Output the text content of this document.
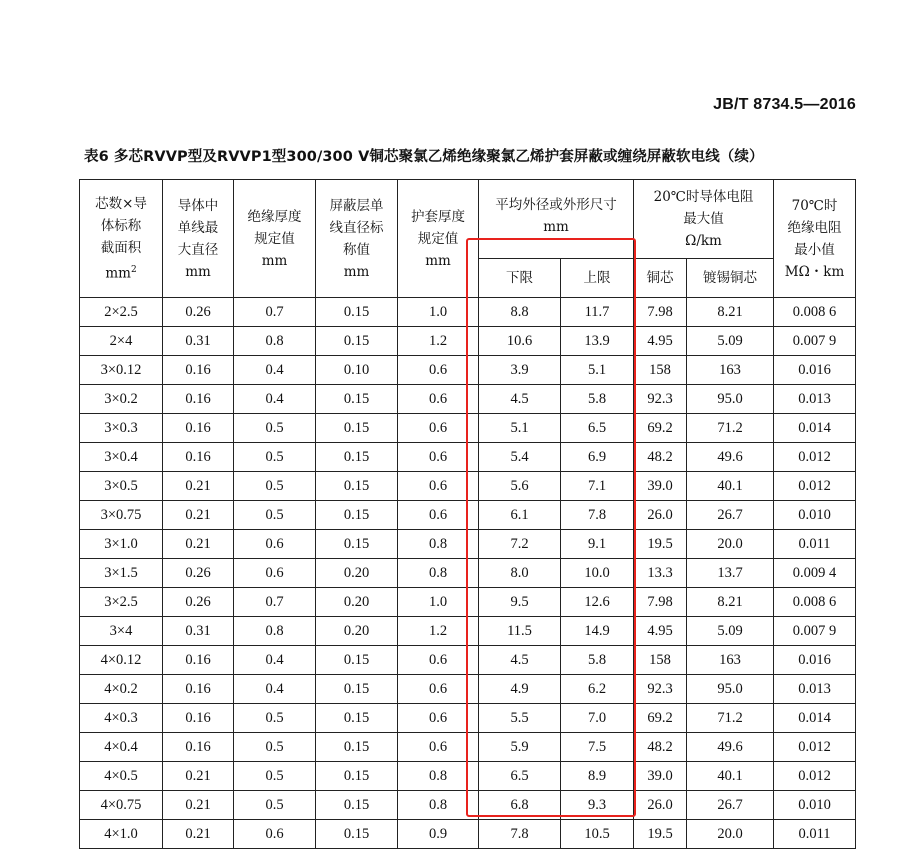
JB/T 8734.5—2016
表6 多芯RVVP型及RVVP1型300/300 V铜芯聚氯乙烯绝缘聚氯乙烯护套屏蔽或缠绕屏蔽软电线（续）
芯数×导
体标称
截面积
$mm^2$

导体中
单线最
大直径
mm

绝缘厚度
规定值
mm

屏蔽层单
线直径标
称值
mm

护套厚度
规定值
mm

平均外径或外形尺寸
mm

20℃时导体电阻
最大值
Ω/km

70℃时
绝缘电阻
最小值
MΩ・km

					下限	上限	铜芯	镀锡铜芯	
2×2.5	0.26	0.7	0.15	1.0	8.8	11.7	7.98	8.21	0.008 6
2×4	0.31	0.8	0.15	1.2	10.6	13.9	4.95	5.09	0.007 9
3×0.12	0.16	0.4	0.10	0.6	3.9	5.1	158	163	0.016
3×0.2	0.16	0.4	0.15	0.6	4.5	5.8	92.3	95.0	0.013
3×0.3	0.16	0.5	0.15	0.6	5.1	6.5	69.2	71.2	0.014
3×0.4	0.16	0.5	0.15	0.6	5.4	6.9	48.2	49.6	0.012
3×0.5	0.21	0.5	0.15	0.6	5.6	7.1	39.0	40.1	0.012
3×0.75	0.21	0.5	0.15	0.6	6.1	7.8	26.0	26.7	0.010
3×1.0	0.21	0.6	0.15	0.8	7.2	9.1	19.5	20.0	0.011
3×1.5	0.26	0.6	0.20	0.8	8.0	10.0	13.3	13.7	0.009 4
3×2.5	0.26	0.7	0.20	1.0	9.5	12.6	7.98	8.21	0.008 6
3×4	0.31	0.8	0.20	1.2	11.5	14.9	4.95	5.09	0.007 9
4×0.12	0.16	0.4	0.15	0.6	4.5	5.8	158	163	0.016
4×0.2	0.16	0.4	0.15	0.6	4.9	6.2	92.3	95.0	0.013
4×0.3	0.16	0.5	0.15	0.6	5.5	7.0	69.2	71.2	0.014
4×0.4	0.16	0.5	0.15	0.6	5.9	7.5	48.2	49.6	0.012
4×0.5	0.21	0.5	0.15	0.8	6.5	8.9	39.0	40.1	0.012
4×0.75	0.21	0.5	0.15	0.8	6.8	9.3	26.0	26.7	0.010
4×1.0	0.21	0.6	0.15	0.9	7.8	10.5	19.5	20.0	0.011
